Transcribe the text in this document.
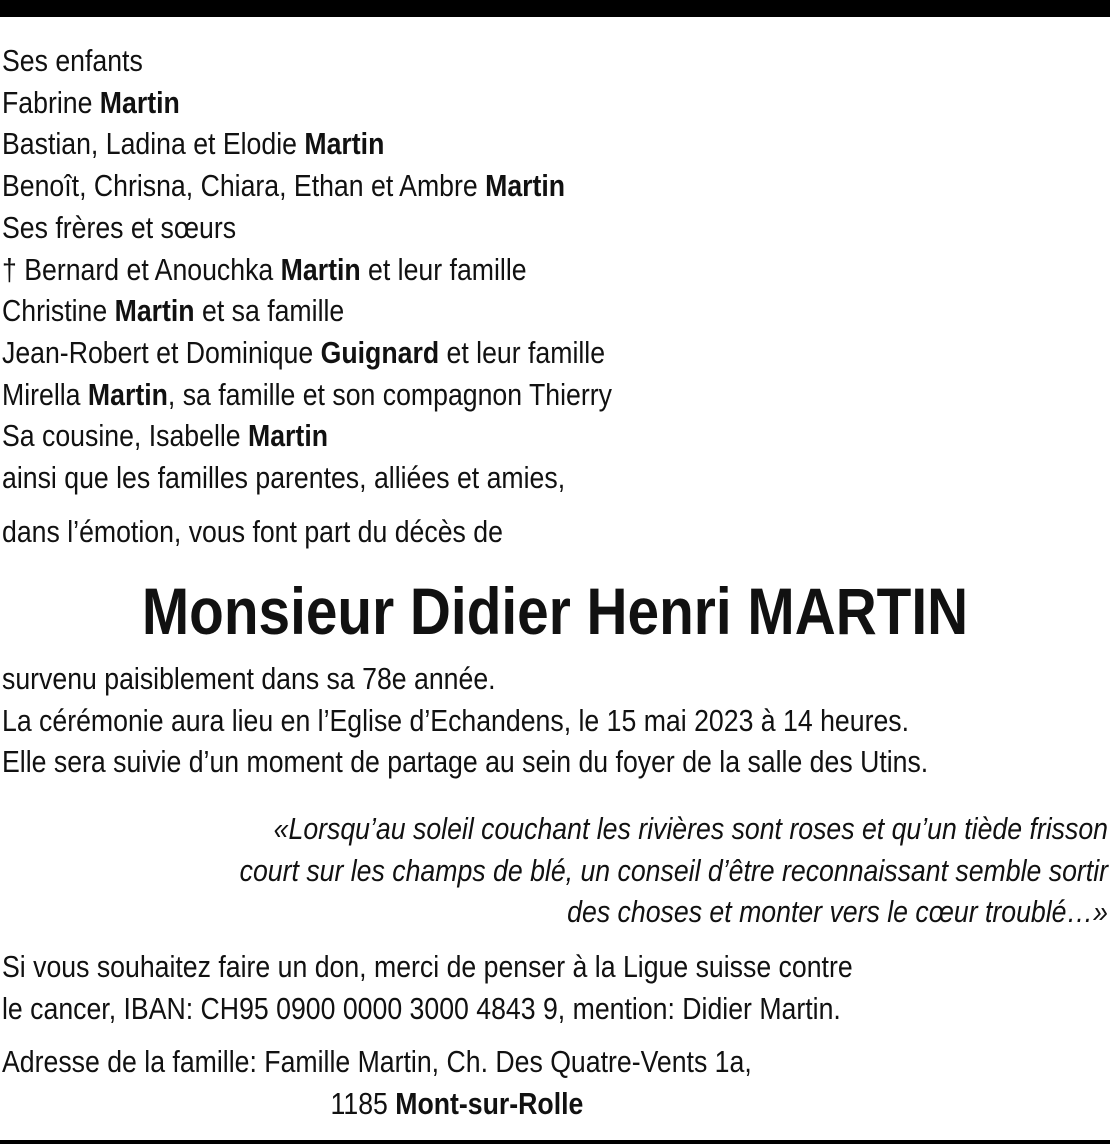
Ses enfants
Fabrine Martin
Bastian, Ladina et Elodie Martin
Benoît, Chrisna, Chiara, Ethan et Ambre Martin
Ses frères et sœurs
† Bernard et Anouchka Martin et leur famille
Christine Martin et sa famille
Jean-Robert et Dominique Guignard et leur famille
Mirella Martin, sa famille et son compagnon Thierry
Sa cousine, Isabelle Martin
ainsi que les familles parentes, alliées et amies,
dans l’émotion, vous font part du décès de
Monsieur Didier Henri MARTIN
survenu paisiblement dans sa 78e année.
La cérémonie aura lieu en l’Eglise d’Echandens, le 15 mai 2023 à 14 heures.
Elle sera suivie d’un moment de partage au sein du foyer de la salle des Utins.
«Lorsqu’au soleil couchant les rivières sont roses et qu’un tiède frisson
court sur les champs de blé, un conseil d’être reconnaissant semble sortir
des choses et monter vers le cœur troublé…»
Si vous souhaitez faire un don, merci de penser à la Ligue suisse contre
le cancer, IBAN: CH95 0900 0000 3000 4843 9, mention: Didier Martin.
Adresse de la famille: Famille Martin, Ch. Des Quatre-Vents 1a,
1185 Mont-sur-Rolle
